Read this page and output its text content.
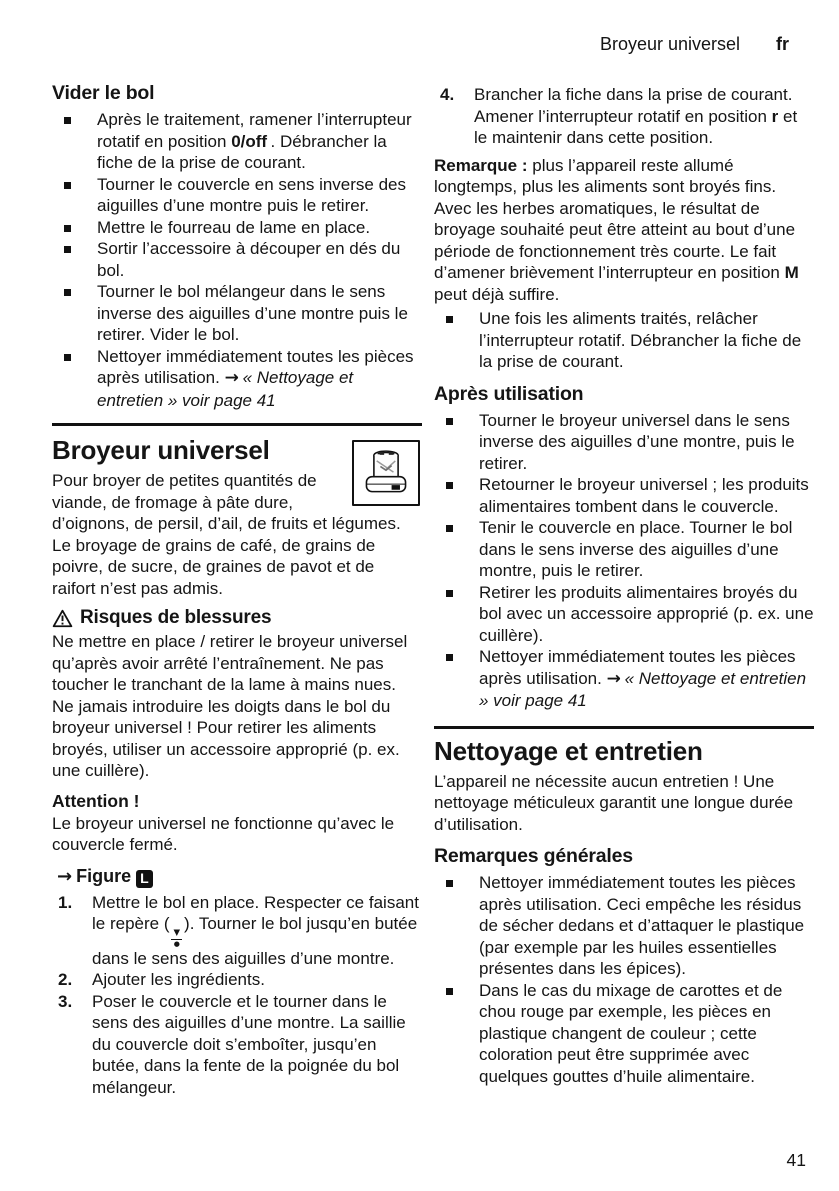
Broyeur universel fr
Vider le bol
Après le traitement, ramener l’interrupteur rotatif en position 0/off . Débrancher la fiche de la prise de courant.
Tourner le couvercle en sens inverse des aiguilles d’une montre puis le retirer.
Mettre le fourreau de lame en place.
Sortir l’accessoire à découper en dés du bol.
Tourner le bol mélangeur dans le sens inverse des aiguilles d’une montre puis le retirer. Vider le bol.
Nettoyer immédiatement toutes les pièces après utilisation. → « Nettoyage et entretien » voir page 41
Broyeur universel

Pour broyer de petites quantités de viande, de fromage à pâte dure, d’oignons, de persil, d’ail, de fruits et légumes. Le broyage de grains de café, de grains de poivre, de sucre, de graines de pavot et de raifort n’est pas admis.

Risques de blessures

Ne mettre en place / retirer le broyeur universel qu’après avoir arrêté l’entraînement. Ne pas toucher le tranchant de la lame à mains nues. Ne jamais introduire les doigts dans le bol du broyeur universel ! Pour retirer les aliments broyés, utiliser un accessoire approprié (p. ex. une cuillère).

Attention !

Le broyeur universel ne fonctionne qu’avec le couvercle fermé.

→ Figure L

1.	Mettre le bol en place. Respecter ce faisant le repère ( ▼
●
). Tourner le bol jusqu’en butée dans le sens des aiguilles d’une montre.
2.	Ajouter les ingrédients.
3.	Poser le couvercle et le tourner dans le sens des aiguilles d’une montre. La saillie du couvercle doit s’emboîter, jusqu’en butée, dans la fente de la poignée du bol mélangeur.
4.	Brancher la fiche dans la prise de courant. Amener l’interrupteur rotatif en position r et le maintenir dans cette position.

Remarque : plus l’appareil reste allumé longtemps, plus les aliments sont broyés fins. Avec les herbes aromatiques, le résultat de broyage souhaité peut être atteint au bout d’une période de fonctionnement très courte. Le fait d’amener brièvement l’interrupteur en position M peut déjà suffire.

Une fois les aliments traités, relâcher l’interrupteur rotatif. Débrancher la fiche de la prise de courant.
Après utilisation
Tourner le broyeur universel dans le sens inverse des aiguilles d’une montre, puis le retirer.
Retourner le broyeur universel ; les produits alimentaires tombent dans le couvercle.
Tenir le couvercle en place. Tourner le bol dans le sens inverse des aiguilles d’une montre, puis le retirer.
Retirer les produits alimentaires broyés du bol avec un accessoire approprié (p. ex. une cuillère).
Nettoyer immédiatement toutes les pièces après utilisation. → « Nettoyage et entretien » voir page 41
Nettoyage et entretien

L’appareil ne nécessite aucun entretien ! Une nettoyage méticuleux garantit une longue durée d’utilisation.

Remarques générales
Nettoyer immédiatement toutes les pièces après utilisation. Ceci empêche les résidus de sécher dedans et d’attaquer le plastique (par exemple par les huiles essentielles présentes dans les épices).
Dans le cas du mixage de carottes et de chou rouge par exemple, les pièces en plastique changent de couleur ; cette coloration peut être supprimée avec quelques gouttes d’huile alimentaire.
41
